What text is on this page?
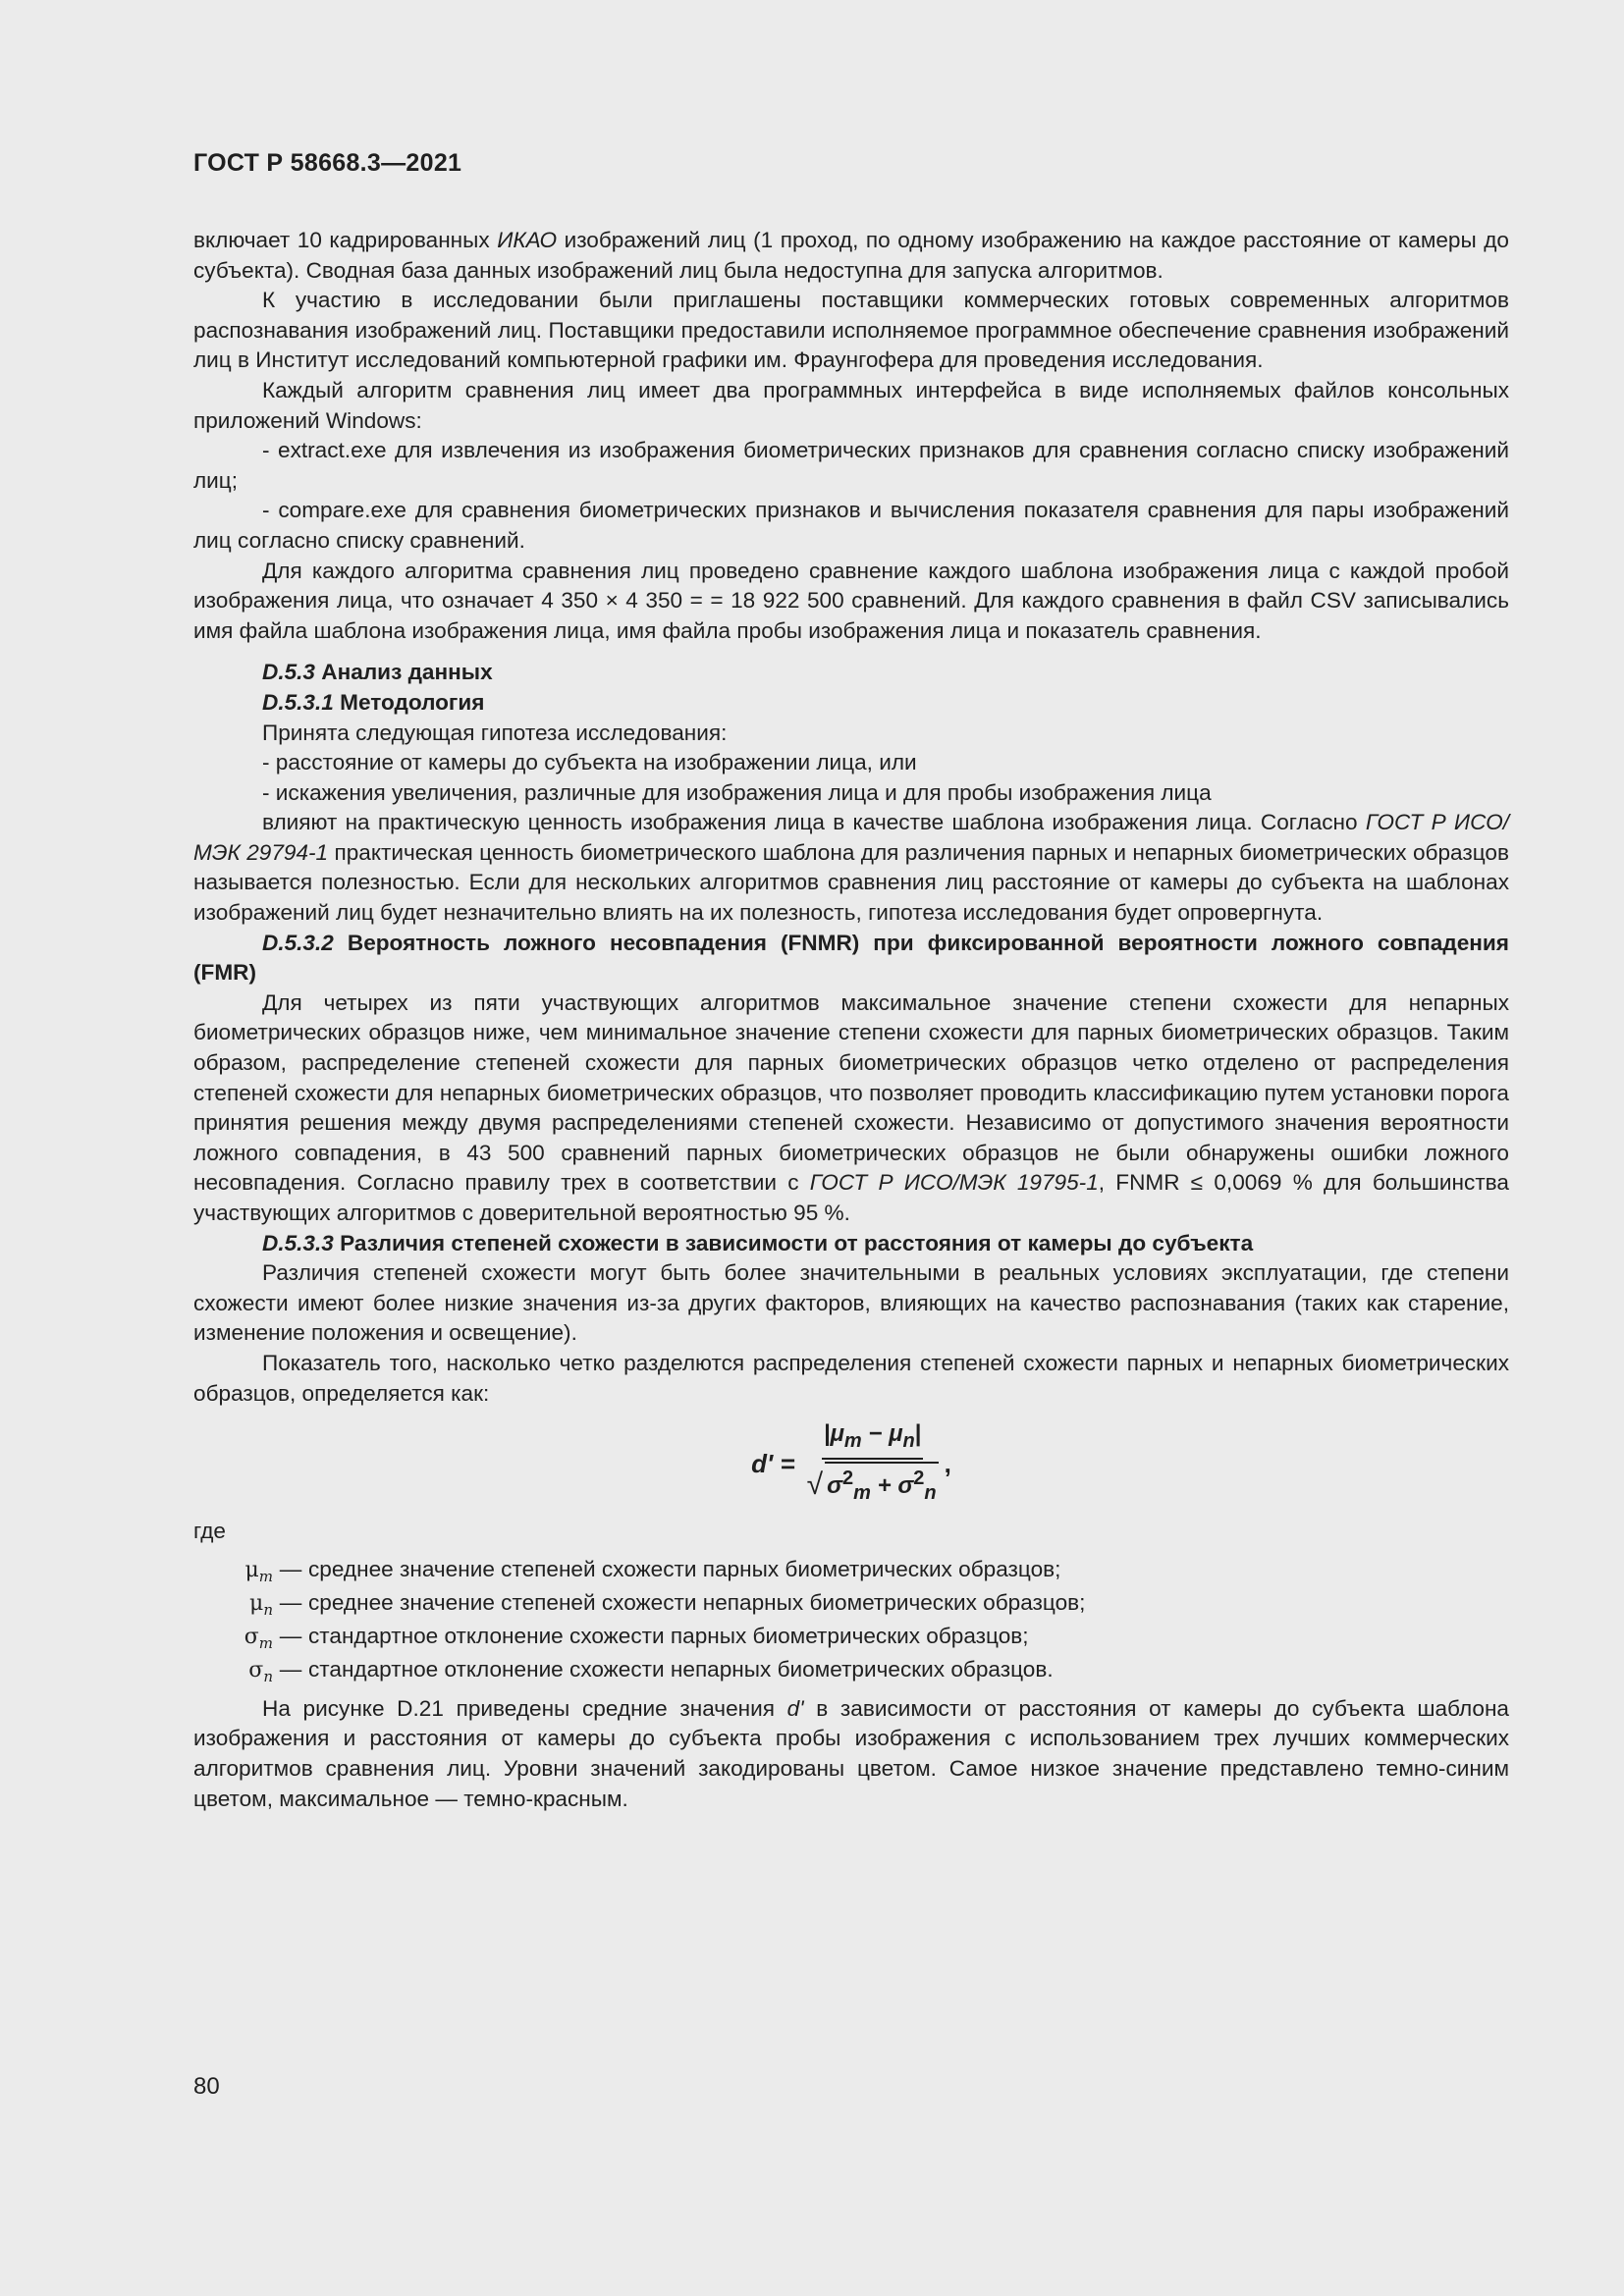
ГОСТ Р 58668.3—2021

включает 10 кадрированных ИКАО изображений лиц (1 проход, по одному изображению на каждое расстояние от камеры до субъекта). Сводная база данных изображений лиц была недоступна для запуска алгоритмов.

К участию в исследовании были приглашены поставщики коммерческих готовых современных алгоритмов распознавания изображений лиц. Поставщики предоставили исполняемое программное обеспечение сравнения изображений лиц в Институт исследований компьютерной графики им. Фраунгофера для проведения исследования.

Каждый алгоритм сравнения лиц имеет два программных интерфейса в виде исполняемых файлов консольных приложений Windows:

- extract.exe для извлечения из изображения биометрических признаков для сравнения согласно списку изображений лиц;

- compare.exe для сравнения биометрических признаков и вычисления показателя сравнения для пары изображений лиц согласно списку сравнений.

Для каждого алгоритма сравнения лиц проведено сравнение каждого шаблона изображения лица с каждой пробой изображения лица, что означает 4 350 × 4 350 = = 18 922 500 сравнений. Для каждого сравнения в файл CSV записывались имя файла шаблона изображения лица, имя файла пробы изображения лица и показатель сравнения.

D.5.3 Анализ данных

D.5.3.1 Методология

Принята следующая гипотеза исследования:

- расстояние от камеры до субъекта на изображении лица, или

- искажения увеличения, различные для изображения лица и для пробы изображения лица

влияют на практическую ценность изображения лица в качестве шаблона изображения лица. Согласно ГОСТ Р ИСО/МЭК 29794-1 практическая ценность биометрического шаблона для различения парных и непарных биометрических образцов называется полезностью. Если для нескольких алгоритмов сравнения лиц расстояние от камеры до субъекта на шаблонах изображений лиц будет незначительно влиять на их полезность, гипотеза исследования будет опровергнута.

D.5.3.2 Вероятность ложного несовпадения (FNMR) при фиксированной вероятности ложного совпадения (FMR)

Для четырех из пяти участвующих алгоритмов максимальное значение степени схожести для непарных биометрических образцов ниже, чем минимальное значение степени схожести для парных биометрических образцов. Таким образом, распределение степеней схожести для парных биометрических образцов четко отделено от распределения степеней схожести для непарных биометрических образцов, что позволяет проводить классификацию путем установки порога принятия решения между двумя распределениями степеней схожести. Независимо от допустимого значения вероятности ложного совпадения, в 43 500 сравнений парных биометрических образцов не были обнаружены ошибки ложного несовпадения. Согласно правилу трех в соответствии с ГОСТ Р ИСО/МЭК 19795-1, FNMR ≤ 0,0069 % для большинства участвующих алгоритмов с доверительной вероятностью 95 %.

D.5.3.3 Различия степеней схожести в зависимости от расстояния от камеры до субъекта

Различия степеней схожести могут быть более значительными в реальных условиях эксплуатации, где степени схожести имеют более низкие значения из-за других факторов, влияющих на качество распознавания (таких как старение, изменение положения и освещение).

Показатель того, насколько четко разделются распределения степеней схожести парных и непарных биометрических образцов, определяется как:

$d' = \frac{|\mu_m - \mu_n|}{√ \sigma^2_m + \sigma^2_n}$ ,

где

$\mu_m$ — среднее значение степеней схожести парных биометрических образцов;
$\mu_n$ — среднее значение степеней схожести непарных биометрических образцов;
$\sigma_m$ — стандартное отклонение схожести парных биометрических образцов;
$\sigma_n$ — стандартное отклонение схожести непарных биометрических образцов.

На рисунке D.21 приведены средние значения d' в зависимости от расстояния от камеры до субъекта шаблона изображения и расстояния от камеры до субъекта пробы изображения с использованием трех лучших коммерческих алгоритмов сравнения лиц. Уровни значений закодированы цветом. Самое низкое значение представлено темно-синим цветом, максимальное — темно-красным.

80
